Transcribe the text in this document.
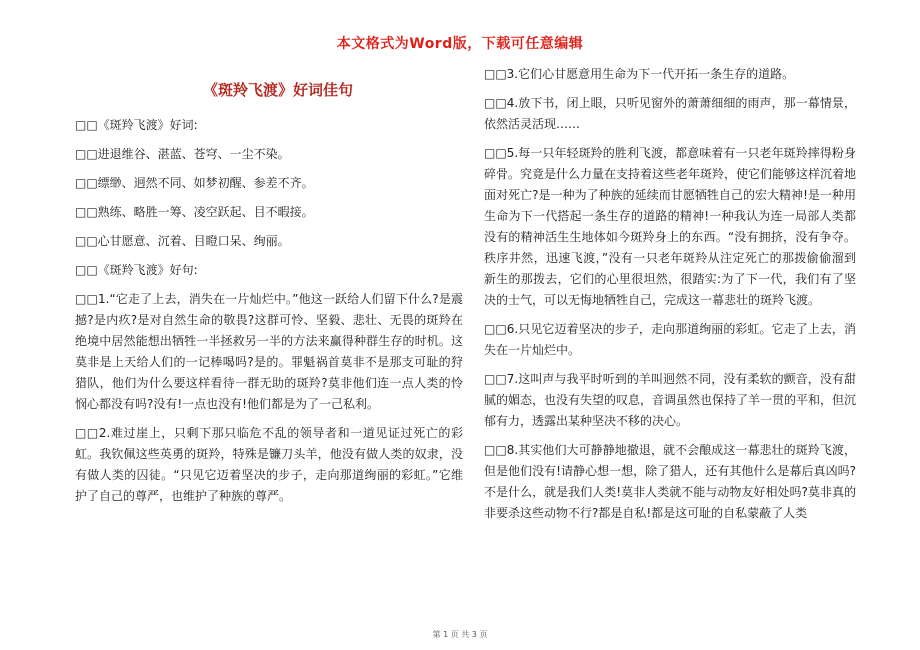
本文格式为Word版，下载可任意编辑
《斑羚飞渡》好词佳句

□□《斑羚飞渡》好词:

□□进退维谷、湛蓝、苍穹、一尘不染。

□□缥缈、迥然不同、如梦初醒、参差不齐。

□□熟练、略胜一筹、凌空跃起、目不暇接。

□□心甘愿意、沉着、目瞪口呆、绚丽。

□□《斑羚飞渡》好句:

□□1.“它走了上去，消失在一片灿烂中。”他这一跃给人们留下什么?是震撼?是内疚?是对自然生命的敬畏?这群可怜、坚毅、悲壮、无畏的斑羚在绝境中居然能想出牺牲一半拯救另一半的方法来赢得种群生存的时机。这莫非是上天给人们的一记棒喝吗?是的。罪魁祸首莫非不是那支可耻的狩猎队，他们为什么要这样看待一群无助的斑羚?莫非他们连一点人类的怜悯心都没有吗?没有!一点也没有!他们都是为了一己私利。

□□2.难过崖上，只剩下那只临危不乱的领导者和一道见证过死亡的彩虹。我钦佩这些英勇的斑羚，特殊是镰刀头羊，他没有做人类的奴隶，没有做人类的囚徒。“只见它迈着坚决的步子，走向那道绚丽的彩虹。”它维护了自己的尊严，也维护了种族的尊严。

□□3.它们心甘愿意用生命为下一代开拓一条生存的道路。

□□4.放下书，闭上眼，只听见窗外的萧萧细细的雨声，那一幕情景，依然活灵活现……

□□5.每一只年轻斑羚的胜利飞渡，都意味着有一只老年斑羚摔得粉身碎骨。究竟是什么力量在支持着这些老年斑羚，使它们能够这样沉着地面对死亡?是一种为了种族的延续而甘愿牺牲自己的宏大精神!是一种用生命为下一代搭起一条生存的道路的精神!一种我认为连一局部人类都没有的精神活生生地体如今斑羚身上的东西。“没有拥挤，没有争夺。秩序井然，迅速飞渡，”没有一只老年斑羚从注定死亡的那拨偷偷溜到新生的那拨去，它们的心里很坦然，很踏实:为了下一代，我们有了坚决的士气，可以无悔地牺牲自己，完成这一幕悲壮的斑羚飞渡。

□□6.只见它迈着坚决的步子，走向那道绚丽的彩虹。它走了上去，消失在一片灿烂中。

□□7.这叫声与我平时听到的羊叫迥然不同，没有柔软的颤音，没有甜腻的媚态，也没有失望的叹息，音调虽然也保持了羊一贯的平和，但沉郁有力，透露出某种坚决不移的决心。

□□8.其实他们大可静静地撤退，就不会酿成这一幕悲壮的斑羚飞渡，但是他们没有!请静心想一想，除了猎人，还有其他什么是幕后真凶吗?不是什么，就是我们人类!莫非人类就不能与动物友好相处吗?莫非真的非要杀这些动物不行?都是自私!都是这可耻的自私蒙蔽了人类

第 1 页 共 3 页
